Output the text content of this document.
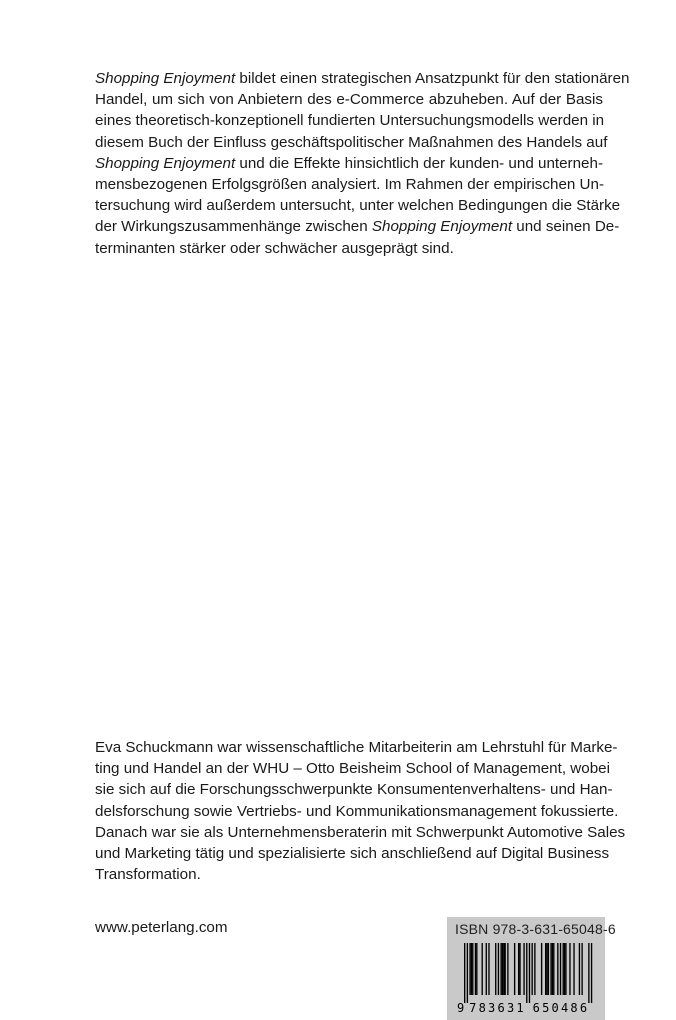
Shopping Enjoyment bildet einen strategischen Ansatzpunkt für den stationären
Handel, um sich von Anbietern des e-Commerce abzuheben. Auf der Basis
eines theoretisch-konzeptionell fundierten Untersuchungsmodells werden in
diesem Buch der Einfluss geschäftspolitischer Maßnahmen des Handels auf
Shopping Enjoyment und die Effekte hinsichtlich der kunden- und unterneh-
mensbezogenen Erfolgsgrößen analysiert. Im Rahmen der empirischen Un-
tersuchung wird außerdem untersucht, unter welchen Bedingungen die Stärke
der Wirkungszusammenhänge zwischen Shopping Enjoyment und seinen De-
terminanten stärker oder schwächer ausgeprägt sind.
Eva Schuckmann war wissenschaftliche Mitarbeiterin am Lehrstuhl für Marke-
ting und Handel an der WHU – Otto Beisheim School of Management, wobei
sie sich auf die Forschungsschwerpunkte Konsumentenverhaltens- und Han-
delsforschung sowie Vertriebs- und Kommunikationsmanagement fokussierte.
Danach war sie als Unternehmensberaterin mit Schwerpunkt Automotive Sales
und Marketing tätig und spezialisierte sich anschließend auf Digital Business
Transformation.
www.peterlang.com	ISBN 978-3-631-65048-6
9 7 8 3 6 3 1 6 5 0 4 8 6
